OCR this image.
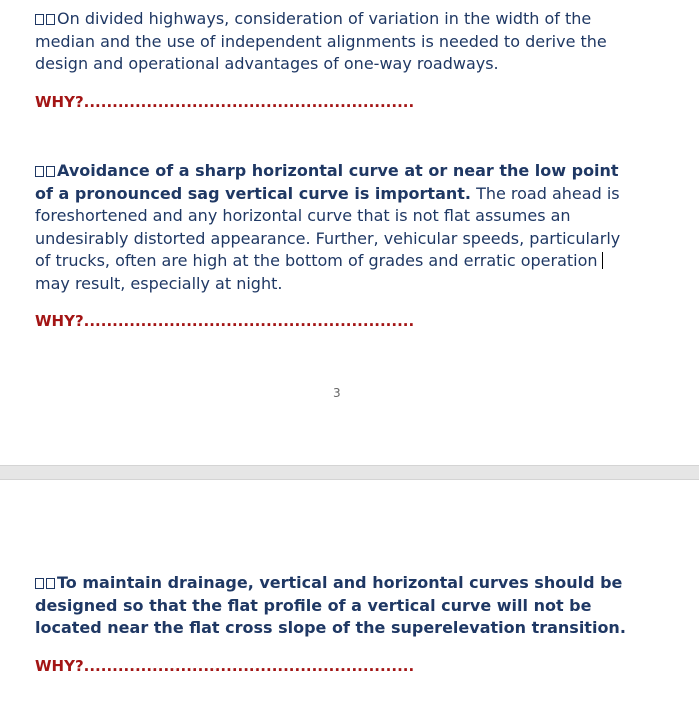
On divided highways, consideration of variation in the width of the median and the use of independent alignments is needed to derive the design and operational advantages of one-way roadways.

WHY?..........................................................

Avoidance of a sharp horizontal curve at or near the low point of a pronounced sag vertical curve is important. The road ahead is foreshortened and any horizontal curve that is not flat assumes an undesirably distorted appearance. Further, vehicular speeds, particularly of trucks, often are high at the bottom of grades and erratic operation may result, especially at night.

WHY?..........................................................
3

To maintain drainage, vertical and horizontal curves should be designed so that the flat profile of a vertical curve will not be located near the flat cross slope of the superelevation transition.

WHY?..........................................................
